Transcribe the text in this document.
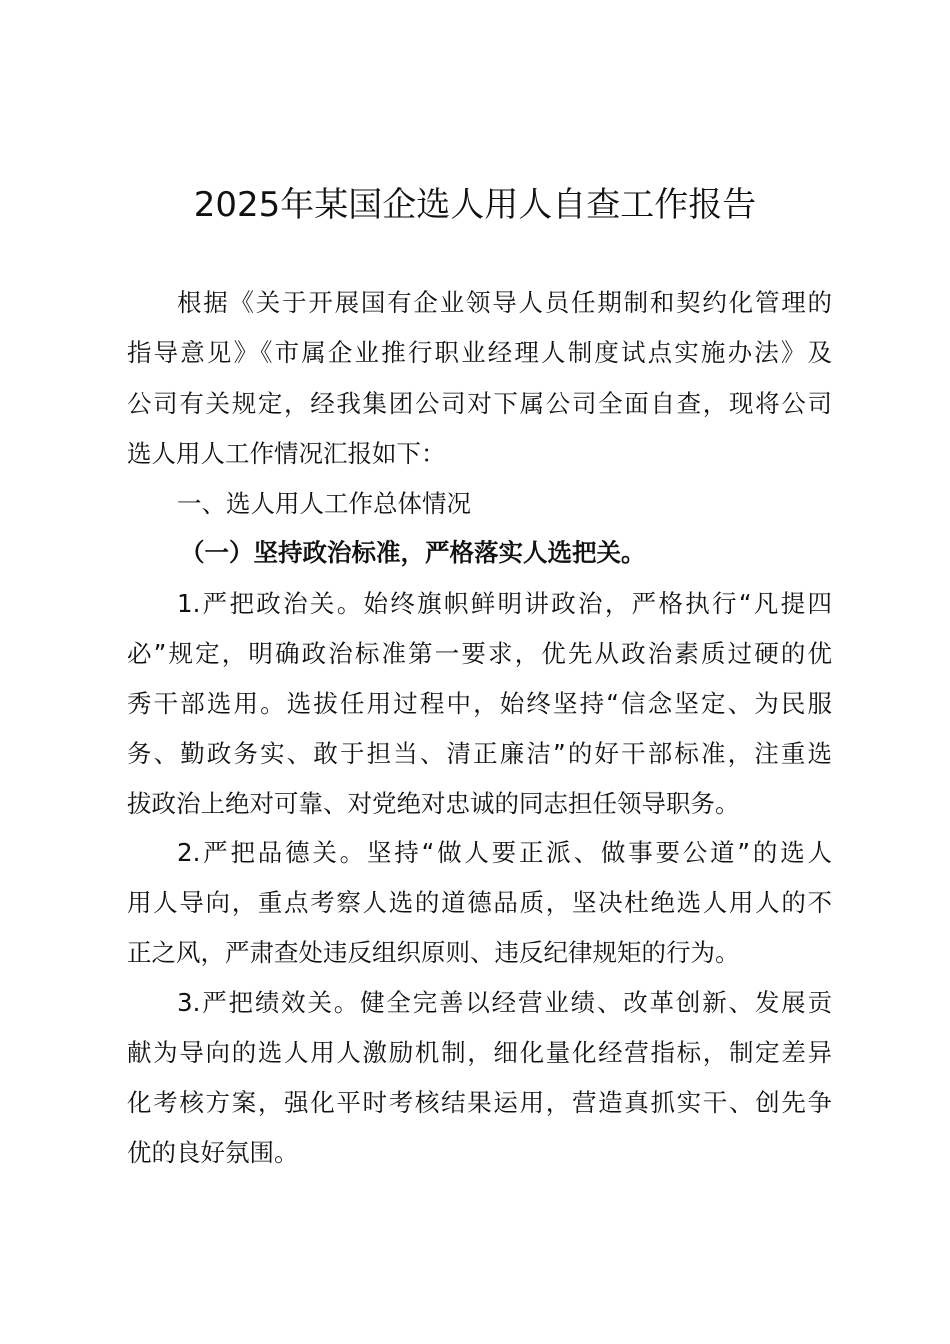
2025年某国企选人用人自查工作报告
根据《关于开展国有企业领导人员任期制和契约化管理的
指导意见》《市属企业推行职业经理人制度试点实施办法》及
公司有关规定，经我集团公司对下属公司全面自查，现将公司
选人用人工作情况汇报如下：
一、选人用人工作总体情况
（一）坚持政治标准，严格落实人选把关。
1.严把政治关。始终旗帜鲜明讲政治，严格执行“凡提四
必”规定，明确政治标准第一要求，优先从政治素质过硬的优
秀干部选用。选拔任用过程中，始终坚持“信念坚定、为民服
务、勤政务实、敢于担当、清正廉洁”的好干部标准，注重选
拔政治上绝对可靠、对党绝对忠诚的同志担任领导职务。
2.严把品德关。坚持“做人要正派、做事要公道”的选人
用人导向，重点考察人选的道德品质，坚决杜绝选人用人的不
正之风，严肃查处违反组织原则、违反纪律规矩的行为。
3.严把绩效关。健全完善以经营业绩、改革创新、发展贡
献为导向的选人用人激励机制，细化量化经营指标，制定差异
化考核方案，强化平时考核结果运用，营造真抓实干、创先争
优的良好氛围。
